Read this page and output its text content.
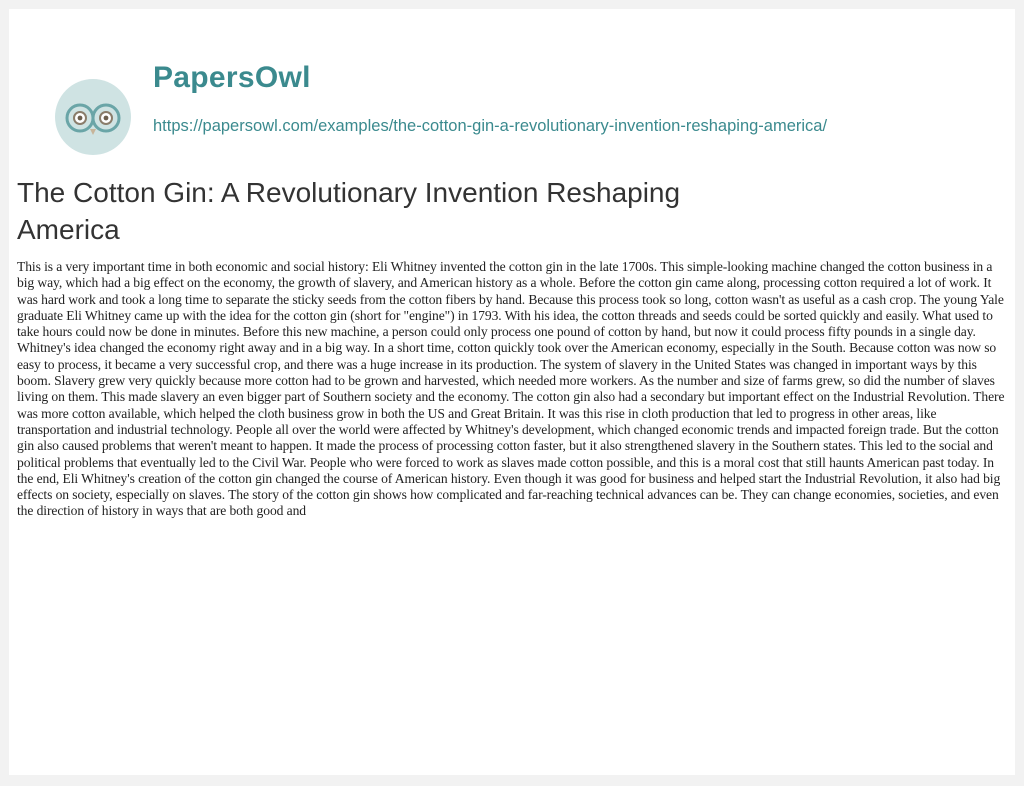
PapersOwl
https://papersowl.com/examples/the-cotton-gin-a-revolutionary-invention-reshaping-america/
The Cotton Gin: A Revolutionary Invention Reshaping America

This is a very important time in both economic and social history: Eli Whitney invented the cotton gin in the late 1700s. This simple-looking machine changed the cotton business in a big way, which had a big effect on the economy, the growth of slavery, and American history as a whole. Before the cotton gin came along, processing cotton required a lot of work. It was hard work and took a long time to separate the sticky seeds from the cotton fibers by hand. Because this process took so long, cotton wasn't as useful as a cash crop. The young Yale graduate Eli Whitney came up with the idea for the cotton gin (short for "engine") in 1793. With his idea, the cotton threads and seeds could be sorted quickly and easily. What used to take hours could now be done in minutes. Before this new machine, a person could only process one pound of cotton by hand, but now it could process fifty pounds in a single day. Whitney's idea changed the economy right away and in a big way. In a short time, cotton quickly took over the American economy, especially in the South. Because cotton was now so easy to process, it became a very successful crop, and there was a huge increase in its production. The system of slavery in the United States was changed in important ways by this boom. Slavery grew very quickly because more cotton had to be grown and harvested, which needed more workers. As the number and size of farms grew, so did the number of slaves living on them. This made slavery an even bigger part of Southern society and the economy. The cotton gin also had a secondary but important effect on the Industrial Revolution. There was more cotton available, which helped the cloth business grow in both the US and Great Britain. It was this rise in cloth production that led to progress in other areas, like transportation and industrial technology. People all over the world were affected by Whitney's development, which changed economic trends and impacted foreign trade. But the cotton gin also caused problems that weren't meant to happen. It made the process of processing cotton faster, but it also strengthened slavery in the Southern states. This led to the social and political problems that eventually led to the Civil War. People who were forced to work as slaves made cotton possible, and this is a moral cost that still haunts American past today. In the end, Eli Whitney's creation of the cotton gin changed the course of American history. Even though it was good for business and helped start the Industrial Revolution, it also had big effects on society, especially on slaves. The story of the cotton gin shows how complicated and far-reaching technical advances can be. They can change economies, societies, and even the direction of history in ways that are both good and
